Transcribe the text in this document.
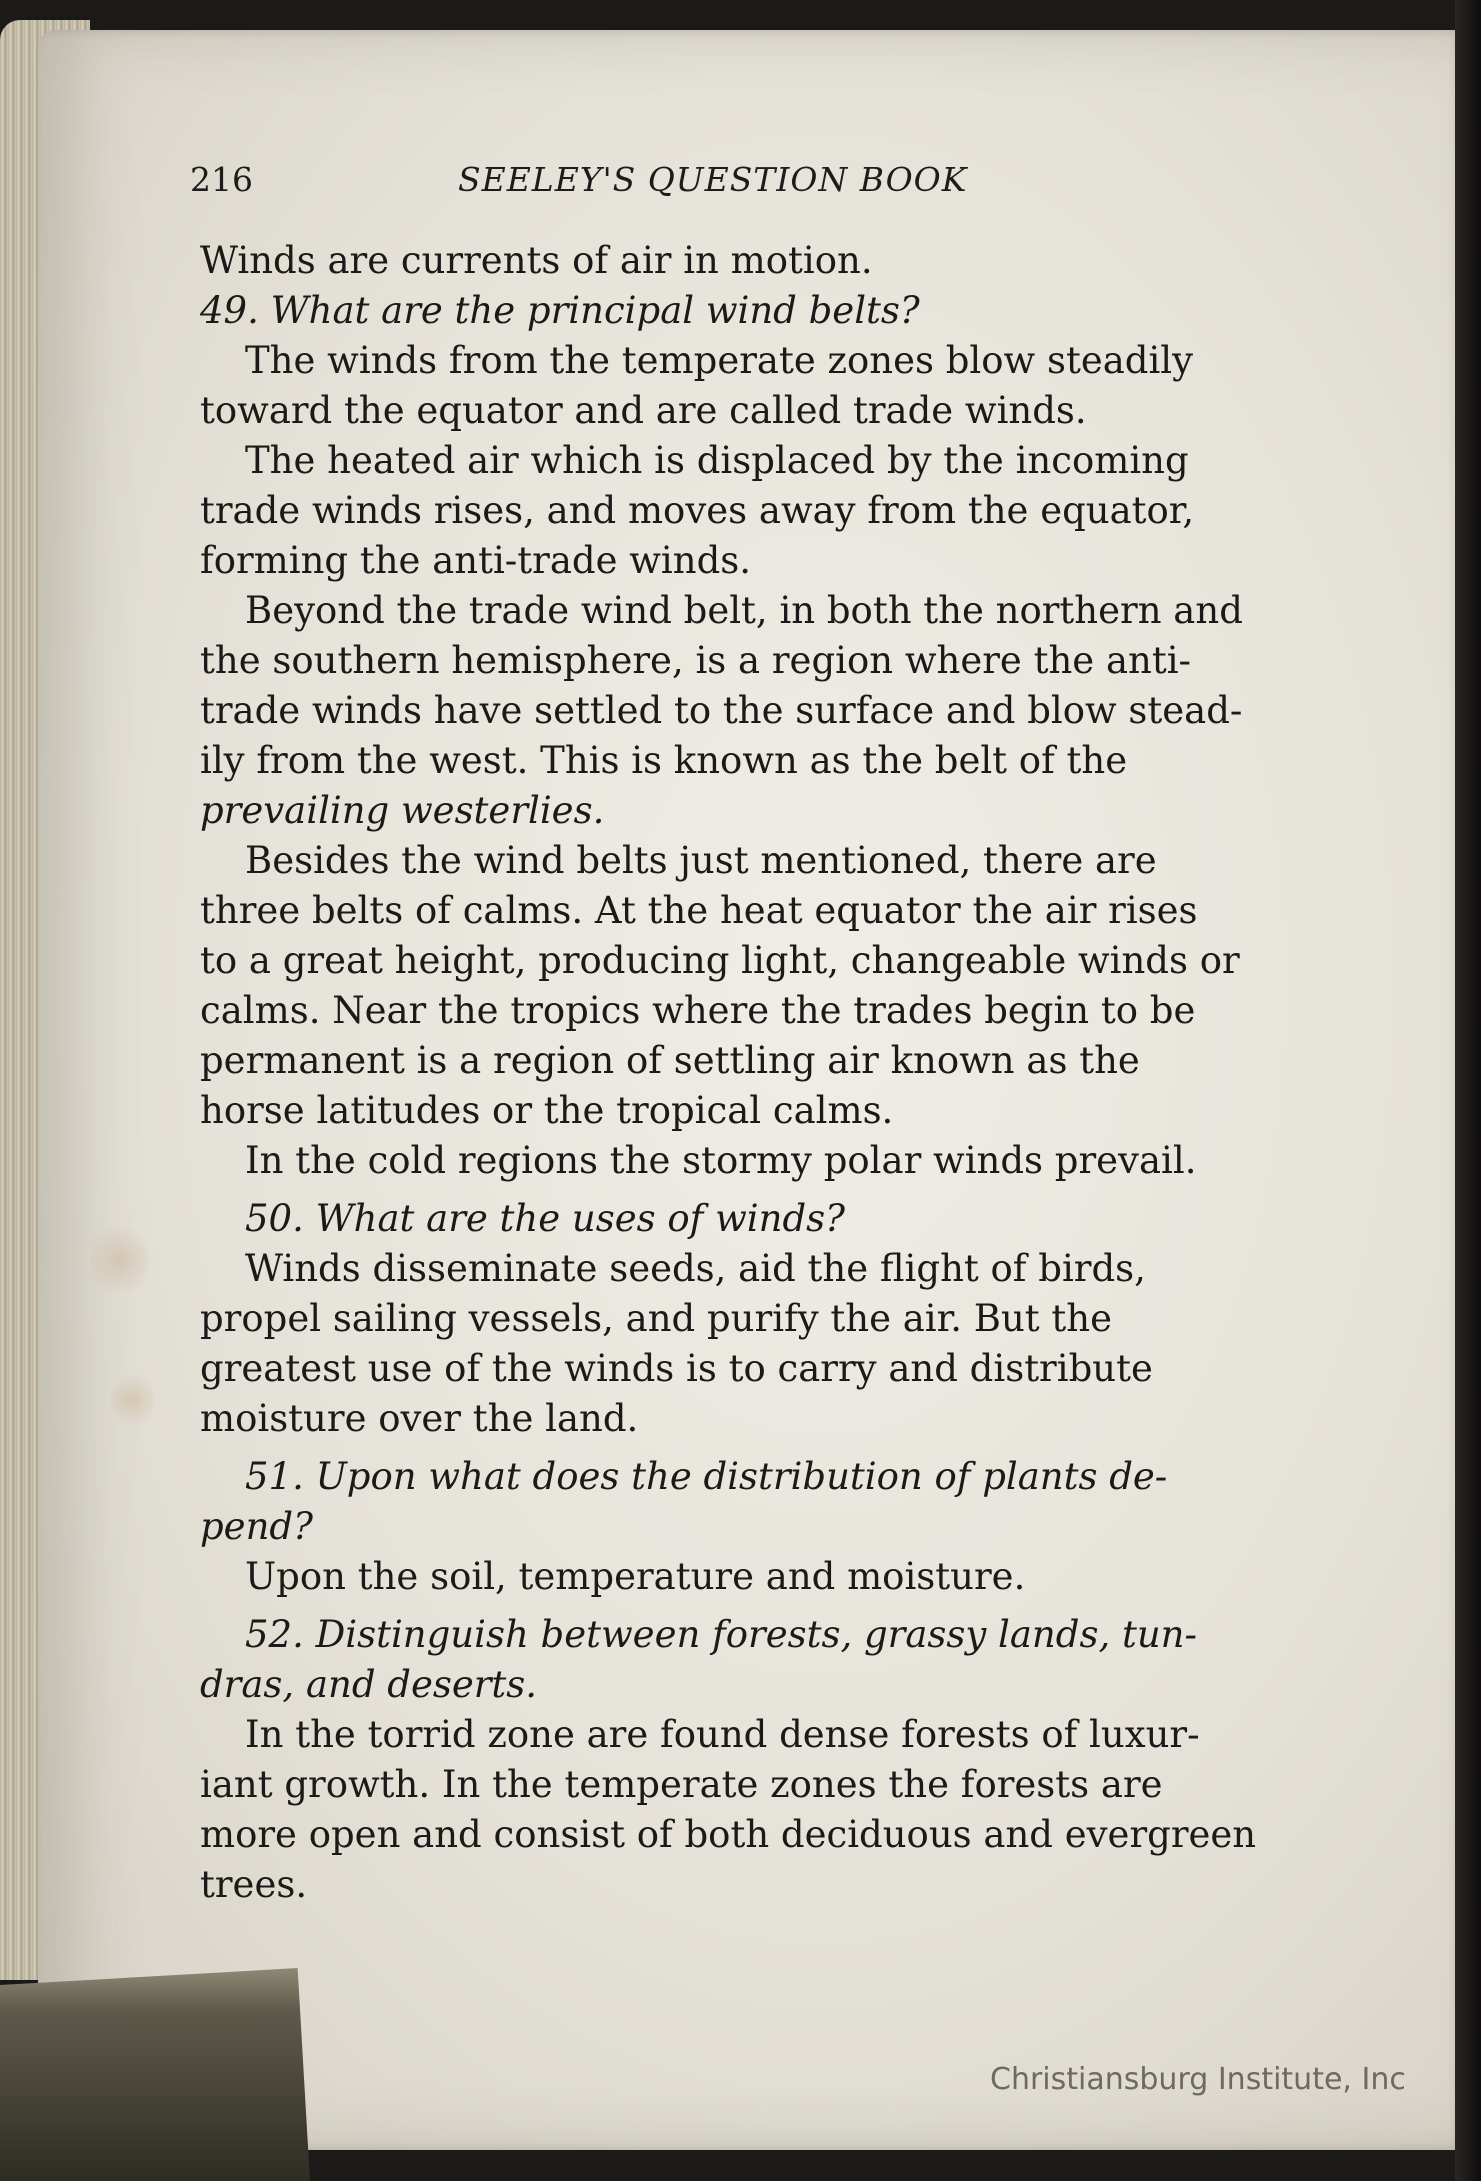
216	SEELEY'S QUESTION BOOK
Winds are currents of air in motion.
49. What are the principal wind belts?
The winds from the temperate zones blow steadily
toward the equator and are called trade winds.
The heated air which is displaced by the incoming
trade winds rises, and moves away from the equator,
forming the anti-trade winds.
Beyond the trade wind belt, in both the northern and
the southern hemisphere, is a region where the anti-
trade winds have settled to the surface and blow stead-
ily from the west. This is known as the belt of the
prevailing westerlies.
Besides the wind belts just mentioned, there are
three belts of calms. At the heat equator the air rises
to a great height, producing light, changeable winds or
calms. Near the tropics where the trades begin to be
permanent is a region of settling air known as the
horse latitudes or the tropical calms.
In the cold regions the stormy polar winds prevail.
50. What are the uses of winds?
Winds disseminate seeds, aid the flight of birds,
propel sailing vessels, and purify the air. But the
greatest use of the winds is to carry and distribute
moisture over the land.
51. Upon what does the distribution of plants de-
pend?
Upon the soil, temperature and moisture.
52. Distinguish between forests, grassy lands, tun-
dras, and deserts.
In the torrid zone are found dense forests of luxur-
iant growth. In the temperate zones the forests are
more open and consist of both deciduous and evergreen
trees.
Christiansburg Institute, Inc
